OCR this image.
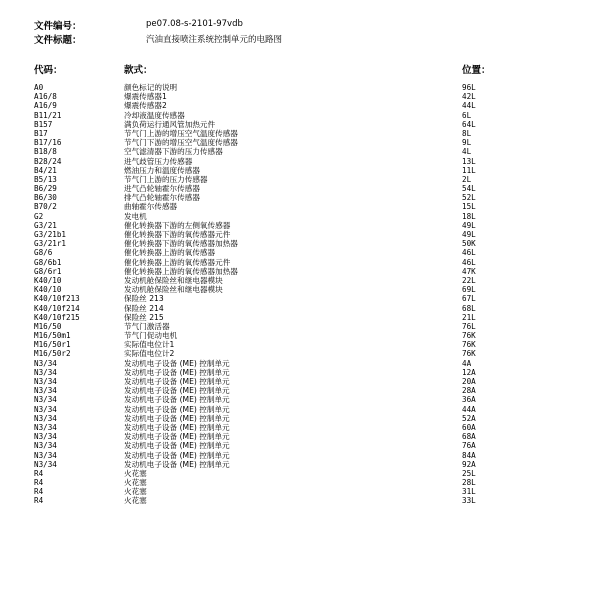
文件编号：	pe07.08-s-2101-97vdb
文件标题：	汽油直接喷注系统控制单元的电路图
代码：	款式：	位置：
A0	颜色标记的说明	96L
A16/8	爆震传感器1	42L
A16/9	爆震传感器2	44L
B11/21	冷却液温度传感器	6L
B157	满负荷运行通风管加热元件	64L
B17	节气门上游的增压空气温度传感器	8L
B17/16	节气门下游的增压空气温度传感器	9L
B18/8	空气滤清器下游的压力传感器	4L
B28/24	进气歧管压力传感器	13L
B4/21	燃油压力和温度传感器	11L
B5/13	节气门上游的压力传感器	2L
B6/29	进气凸轮轴霍尔传感器	54L
B6/30	排气凸轮轴霍尔传感器	52L
B70/2	曲轴霍尔传感器	15L
G2	发电机	18L
G3/21	催化转换器下游的左侧氧传感器	49L
G3/21b1	催化转换器下游的氧传感器元件	49L
G3/21r1	催化转换器下游的氧传感器加热器	50K
G8/6	催化转换器上游的氧传感器	46L
G8/6b1	催化转换器上游的氧传感器元件	46L
G8/6r1	催化转换器上游的氧传感器加热器	47K
K40/10	发动机舱保险丝和继电器模块	22L
K40/10	发动机舱保险丝和继电器模块	69L
K40/10f213	保险丝 213	67L
K40/10f214	保险丝 214	68L
K40/10f215	保险丝 215	21L
M16/50	节气门激活器	76L
M16/50m1	节气门促动电机	76K
M16/50r1	实际值电位计1	76K
M16/50r2	实际值电位计2	76K
N3/34	发动机电子设备 (ME) 控制单元	4A
N3/34	发动机电子设备 (ME) 控制单元	12A
N3/34	发动机电子设备 (ME) 控制单元	20A
N3/34	发动机电子设备 (ME) 控制单元	28A
N3/34	发动机电子设备 (ME) 控制单元	36A
N3/34	发动机电子设备 (ME) 控制单元	44A
N3/34	发动机电子设备 (ME) 控制单元	52A
N3/34	发动机电子设备 (ME) 控制单元	60A
N3/34	发动机电子设备 (ME) 控制单元	68A
N3/34	发动机电子设备 (ME) 控制单元	76A
N3/34	发动机电子设备 (ME) 控制单元	84A
N3/34	发动机电子设备 (ME) 控制单元	92A
R4	火花塞	25L
R4	火花塞	28L
R4	火花塞	31L
R4	火花塞	33L
